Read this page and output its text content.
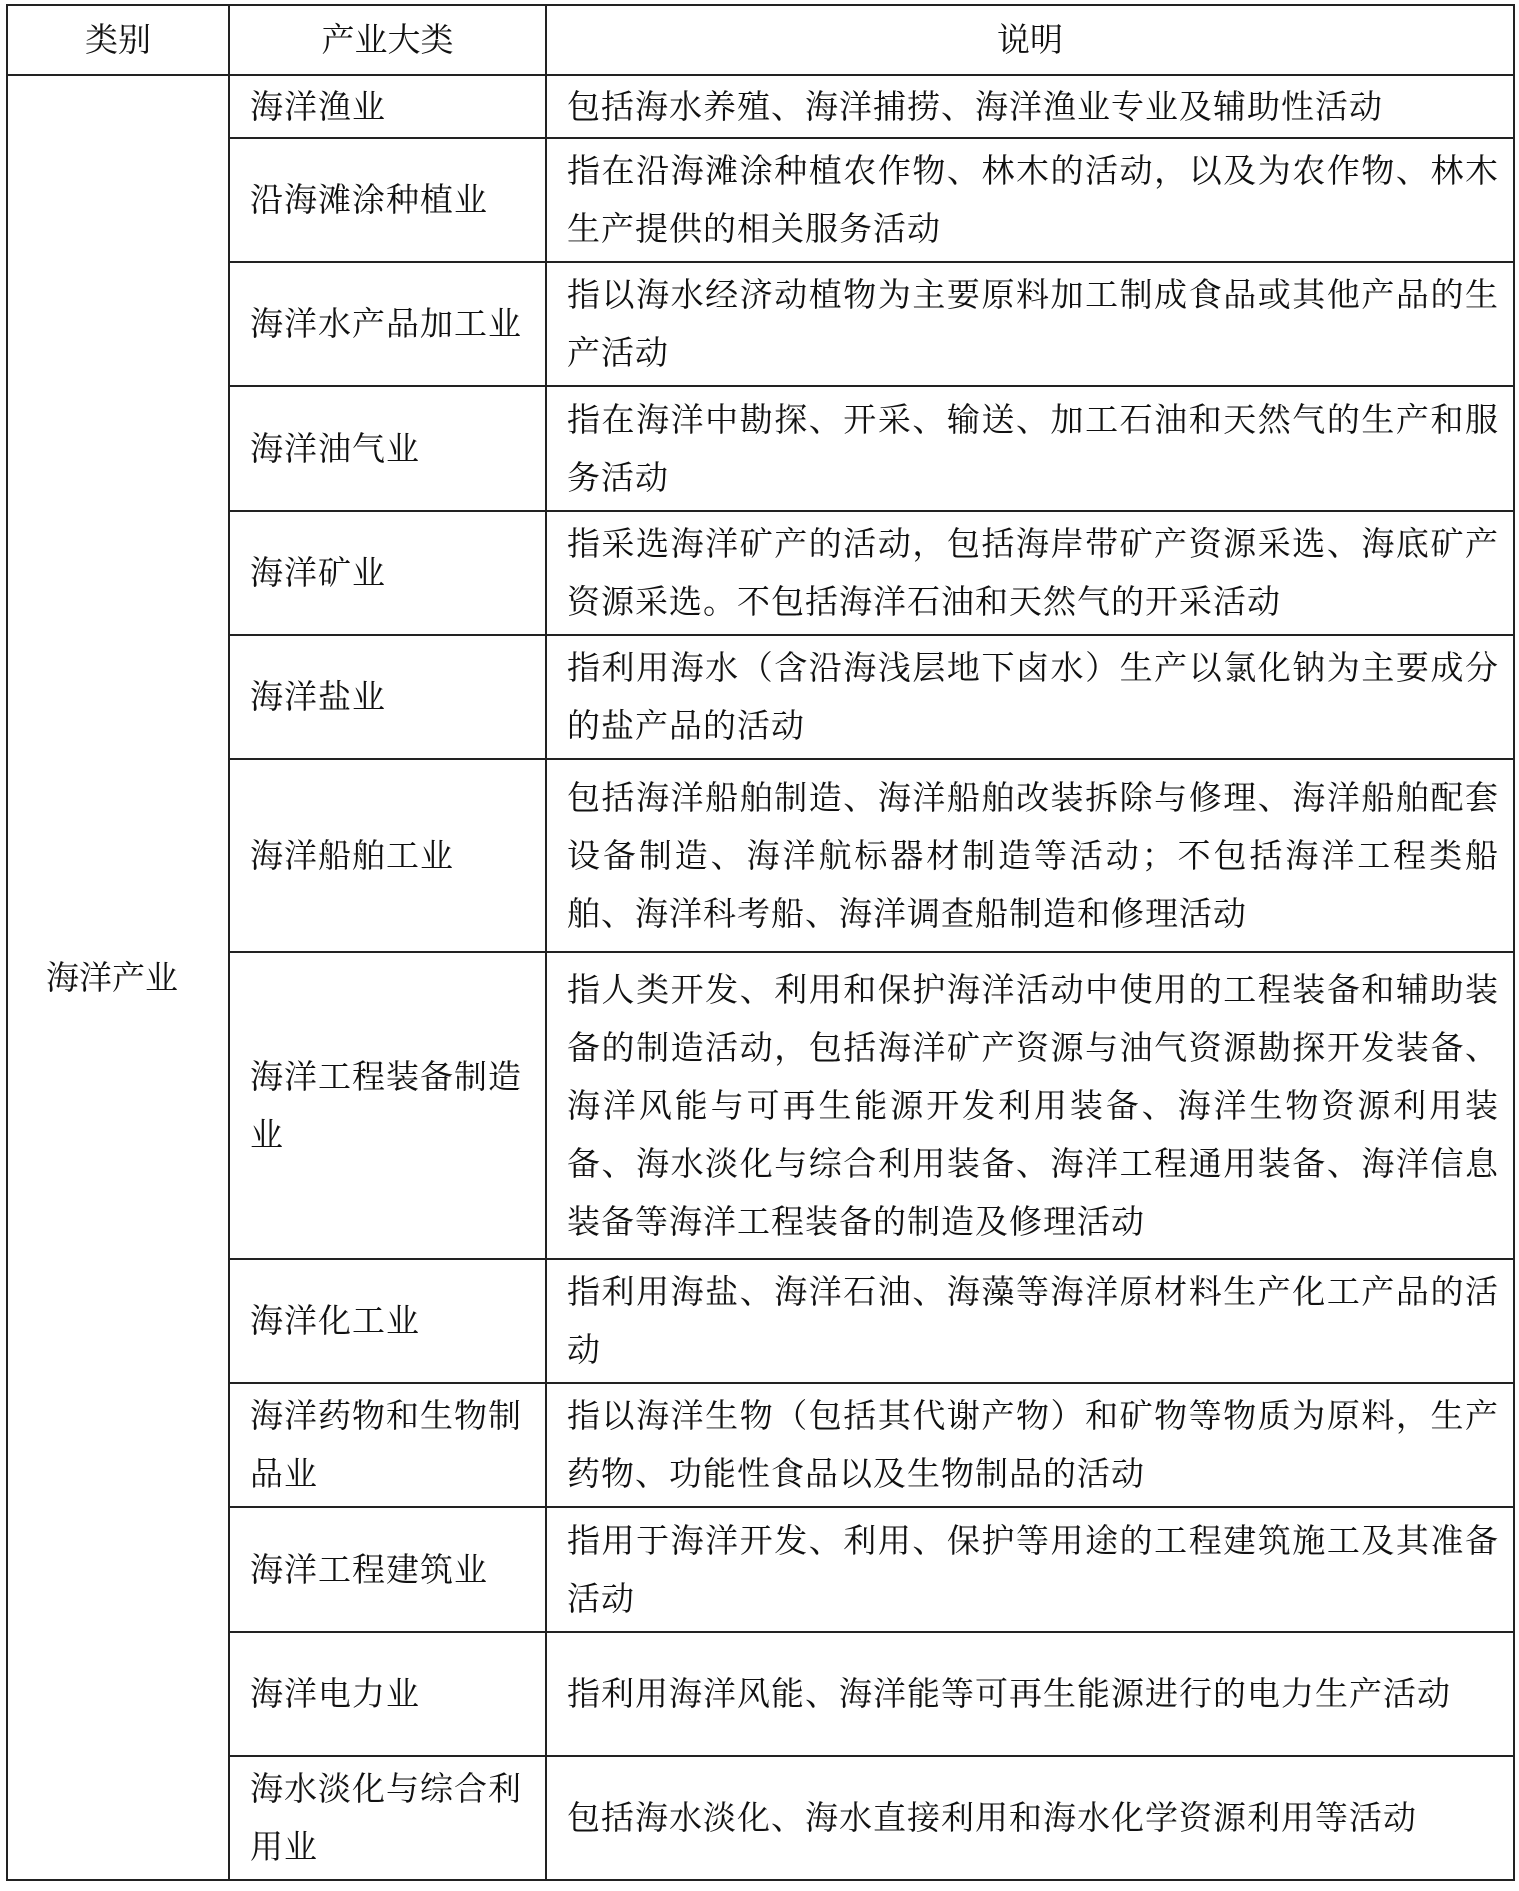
类别	产业大类	说明
海洋产业	海洋渔业	包括海水养殖、海洋捕捞、海洋渔业专业及辅助性活动
	沿海滩涂种植业	指在沿海滩涂种植农作物、林木的活动，以及为农作物、林木生产提供的相关服务活动
	海洋水产品加工业	指以海水经济动植物为主要原料加工制成食品或其他产品的生产活动
	海洋油气业	指在海洋中勘探、开采、输送、加工石油和天然气的生产和服务活动
	海洋矿业	指采选海洋矿产的活动，包括海岸带矿产资源采选、海底矿产资源采选。不包括海洋石油和天然气的开采活动
	海洋盐业	指利用海水（含沿海浅层地下卤水）生产以氯化钠为主要成分的盐产品的活动
	海洋船舶工业	包括海洋船舶制造、海洋船舶改装拆除与修理、海洋船舶配套设备制造、海洋航标器材制造等活动；不包括海洋工程类船舶、海洋科考船、海洋调查船制造和修理活动
	海洋工程装备制造业	指人类开发、利用和保护海洋活动中使用的工程装备和辅助装备的制造活动，包括海洋矿产资源与油气资源勘探开发装备、海洋风能与可再生能源开发利用装备、海洋生物资源利用装备、海水淡化与综合利用装备、海洋工程通用装备、海洋信息装备等海洋工程装备的制造及修理活动
	海洋化工业	指利用海盐、海洋石油、海藻等海洋原材料生产化工产品的活动
	海洋药物和生物制品业	指以海洋生物（包括其代谢产物）和矿物等物质为原料，生产药物、功能性食品以及生物制品的活动
	海洋工程建筑业	指用于海洋开发、利用、保护等用途的工程建筑施工及其准备活动
	海洋电力业	指利用海洋风能、海洋能等可再生能源进行的电力生产活动
	海水淡化与综合利用业	包括海水淡化、海水直接利用和海水化学资源利用等活动
